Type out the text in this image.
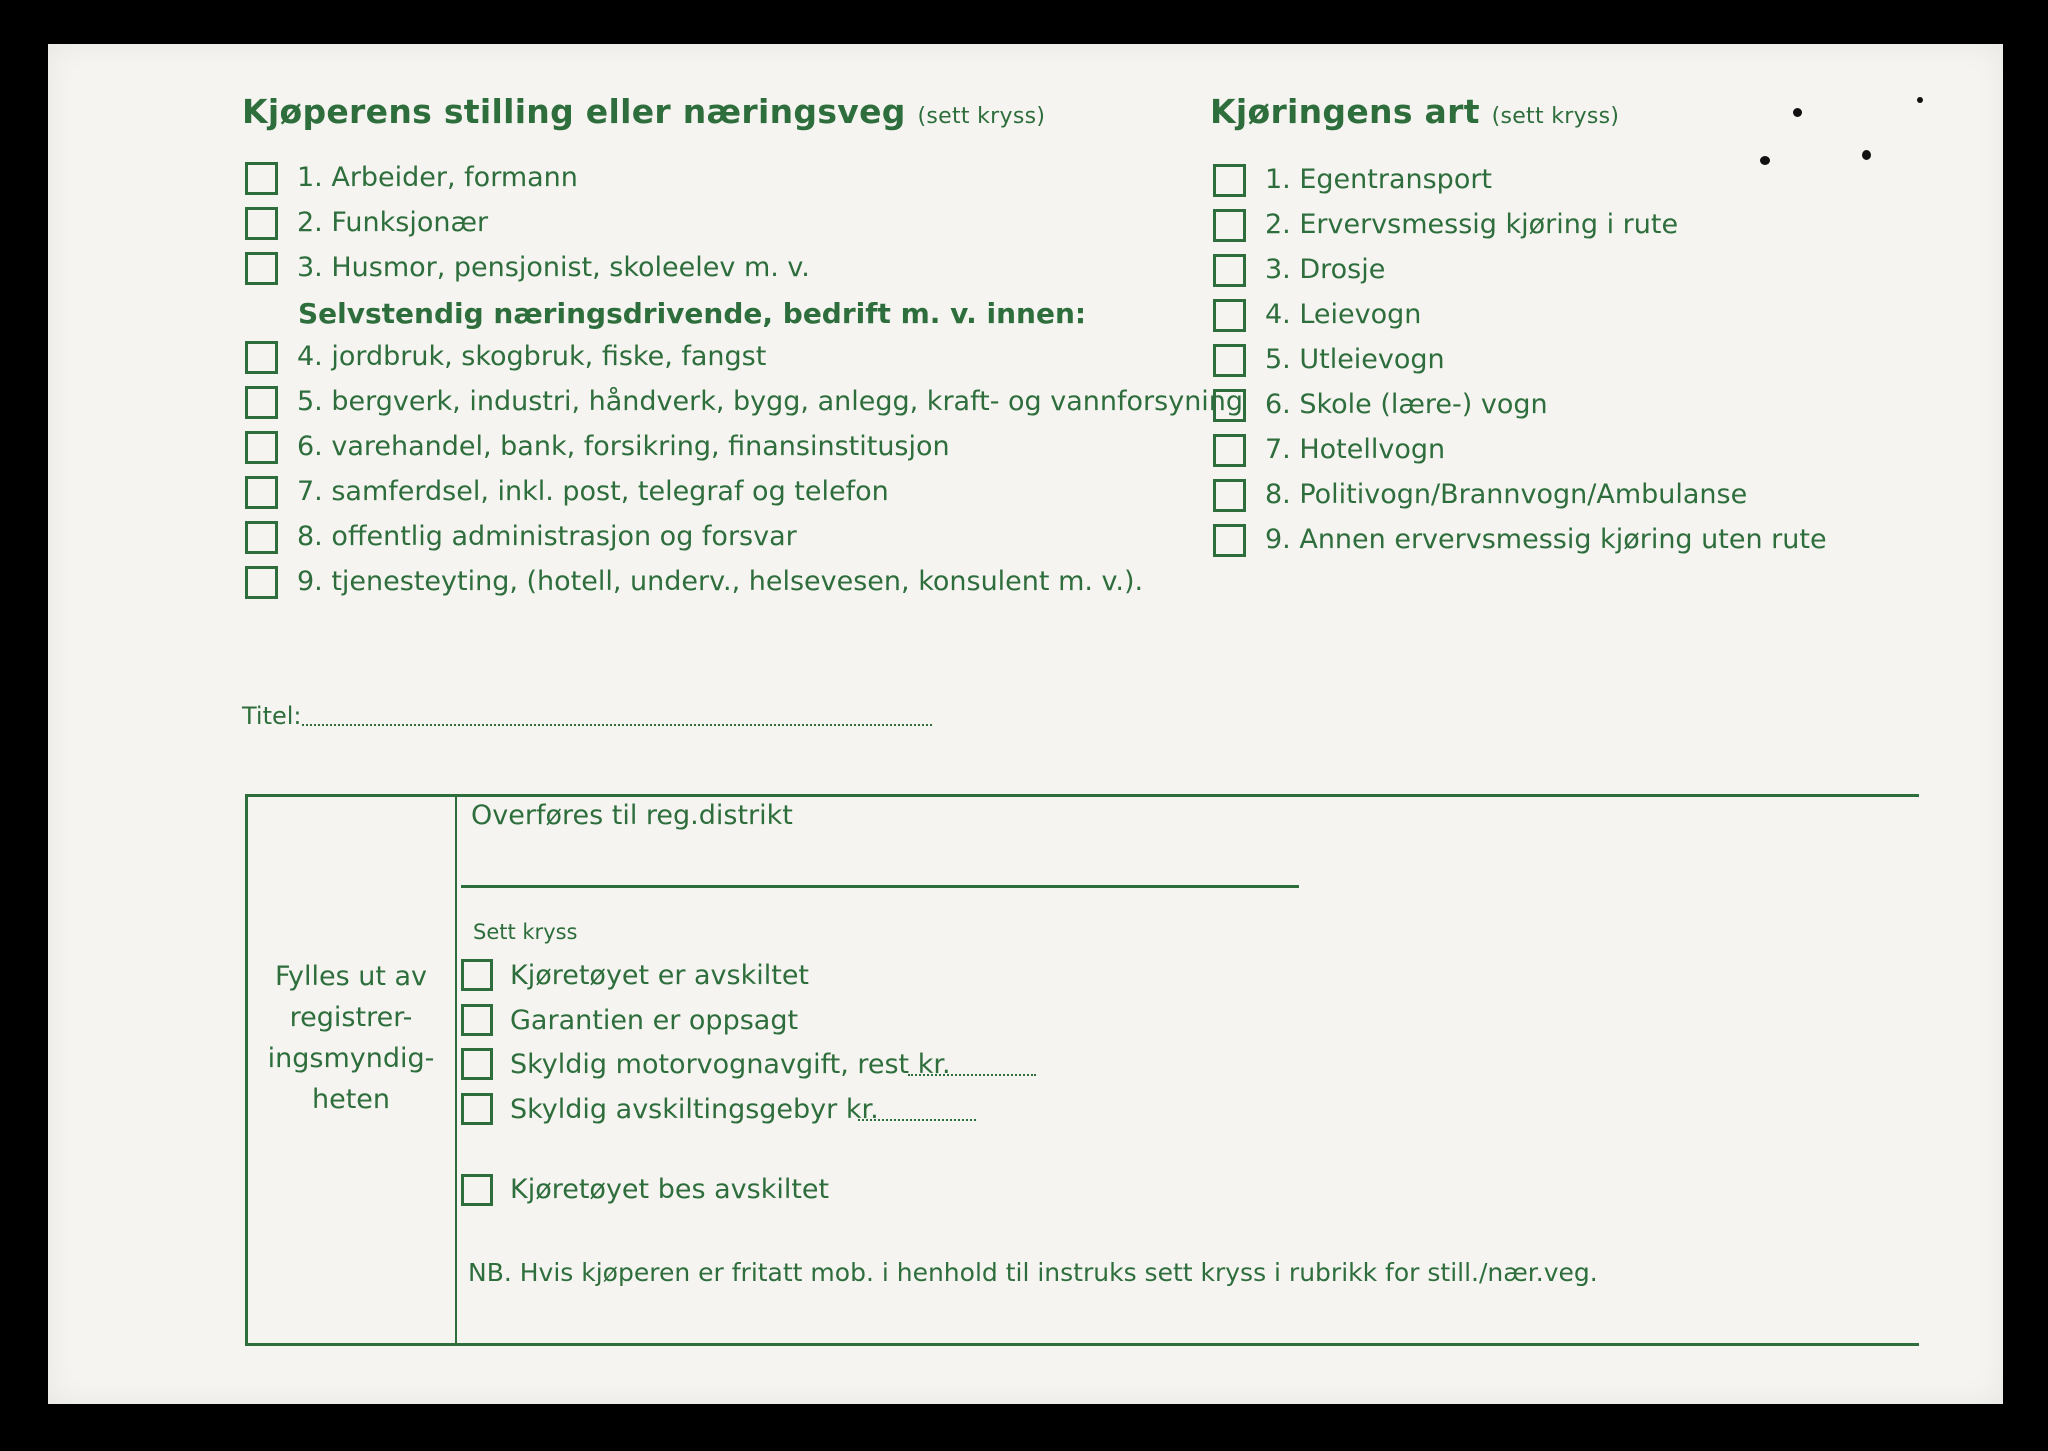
Kjøperens stilling eller næringsveg (sett kryss)
1. Arbeider, formann
2. Funksjonær
3. Husmor, pensjonist, skoleelev m. v.
Selvstendig næringsdrivende, bedrift m. v. innen:
4. jordbruk, skogbruk, fiske, fangst
5. bergverk, industri, håndverk, bygg, anlegg, kraft- og vannforsyning
6. varehandel, bank, forsikring, finansinstitusjon
7. samferdsel, inkl. post, telegraf og telefon
8. offentlig administrasjon og forsvar
9. tjenesteyting, (hotell, underv., helsevesen, konsulent m. v.).
Kjøringens art (sett kryss)
1. Egentransport
2. Ervervsmessig kjøring i rute
3. Drosje
4. Leievogn
5. Utleievogn
6. Skole (lære-) vogn
7. Hotellvogn
8. Politivogn/Brannvogn/Ambulanse
9. Annen ervervsmessig kjøring uten rute
Titel:
Fylles ut av registrer-ingsmyndig-heten
Overføres til reg.distrikt
Sett kryss
Kjøretøyet er avskiltet
Garantien er oppsagt
Skyldig motorvognavgift, rest kr.
Skyldig avskiltingsgebyr kr.
Kjøretøyet bes avskiltet
NB. Hvis kjøperen er fritatt mob. i henhold til instruks sett kryss i rubrikk for still./nær.veg.
